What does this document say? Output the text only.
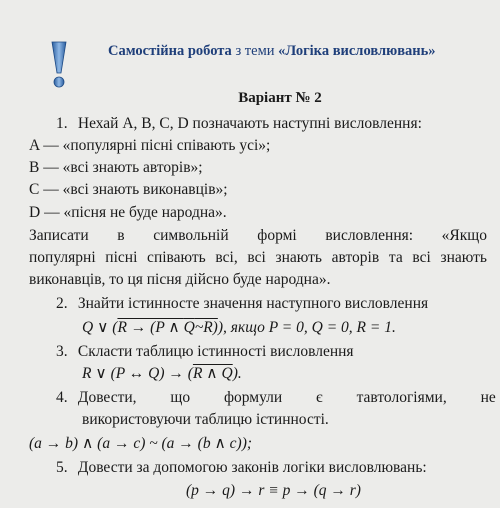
Самостійна робота з теми «Логіка висловлювань»
Варіант № 2
1. Нехай A, B, C, D позначають наступні висловлення:
A — «популярні пісні співають усі»;
B — «всі знають авторів»;
C — «всі знають виконавців»;
D — «пісня не буде народна».
Записати в символьній формі висловлення: «Якщо
популярні пісні співають всі, всі знають авторів та всі знають
виконавців, то ця пісня дійсно буде народна».
2. Знайти істинносте значення наступного висловлення
Q ∨ (R → (P ∧ Q~R)), якщо P = 0, Q = 0, R = 1.
3. Скласти таблицю істинності висловлення
R ∨ (P ↔ Q) → (R ∧ Q).
4. Довести, що формули є тавтологіями, не
використовуючи таблицю істинності.
(a → b) ∧ (a → c) ~ (a → (b ∧ c));
5. Довести за допомогою законів логіки висловлювань:
(p → q) → r ≡ p → (q → r)
